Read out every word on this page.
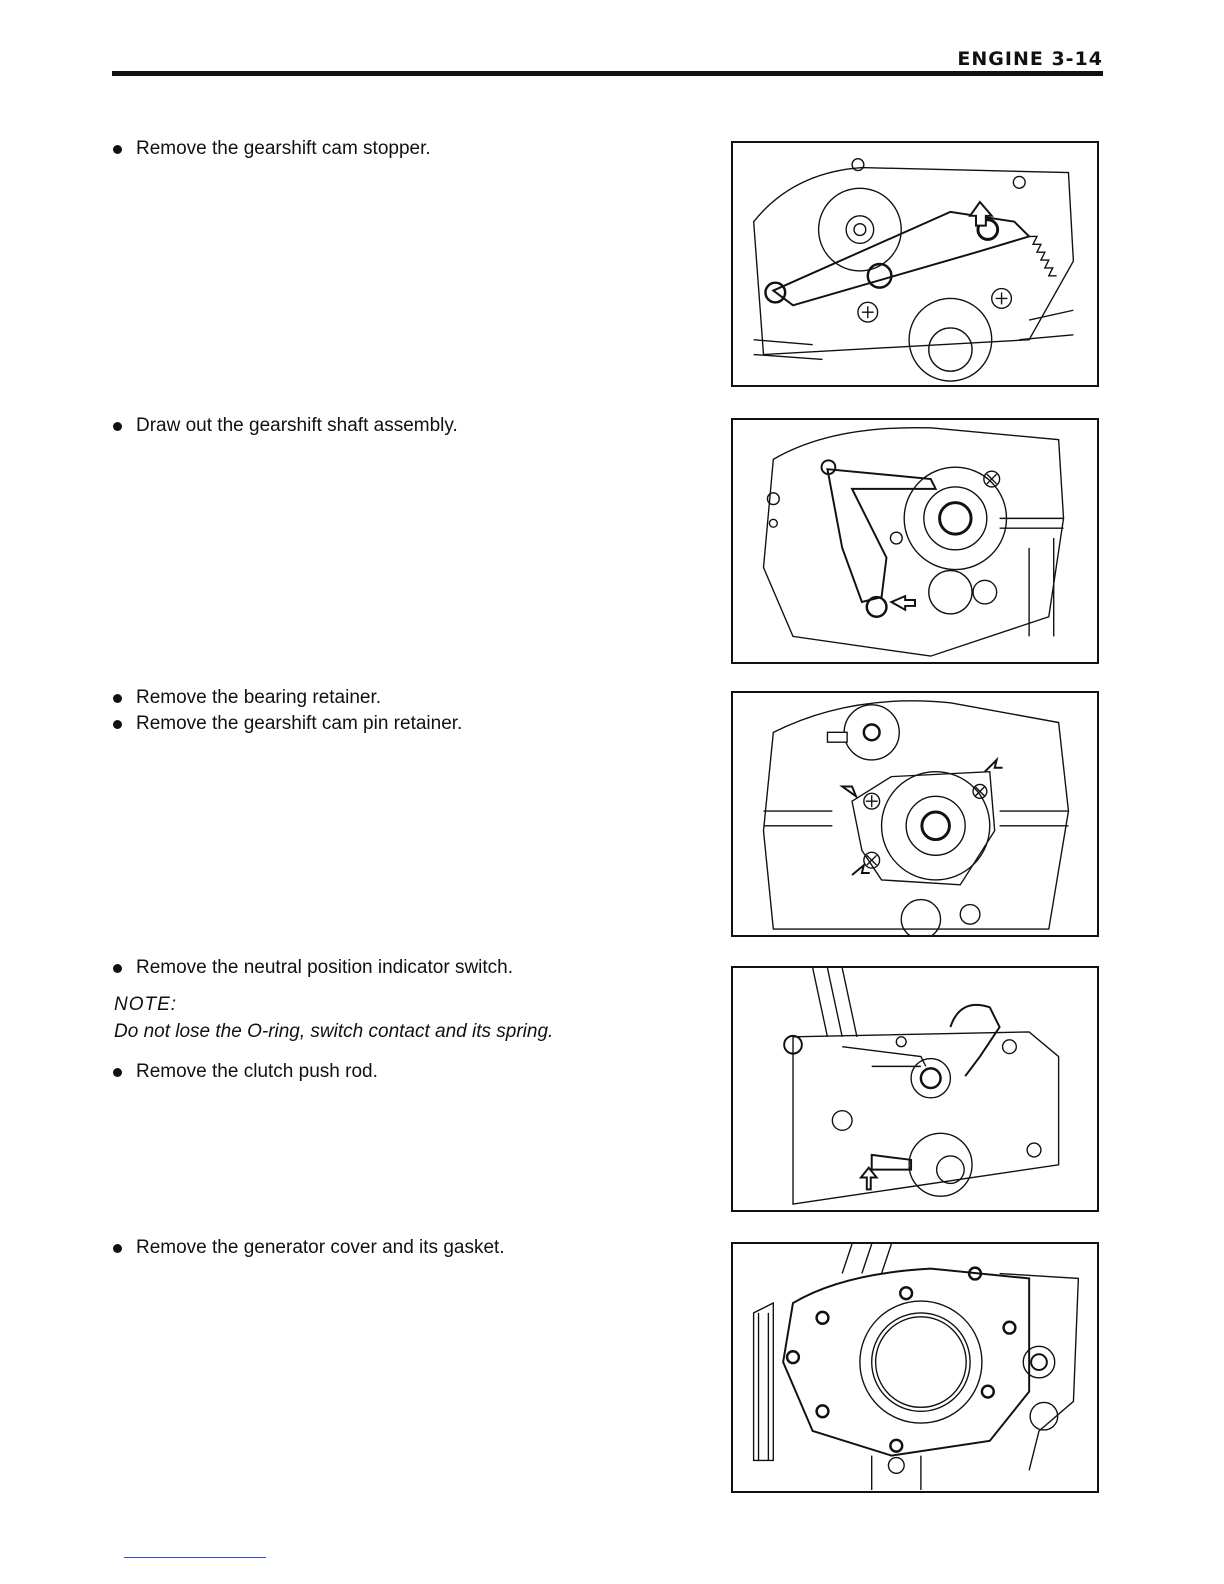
ENGINE 3-14

Remove the gearshift cam stopper.

Draw out the gearshift shaft assembly.

Remove the bearing retainer.

Remove the gearshift cam pin retainer.

Remove the neutral position indicator switch.

NOTE:

Do not lose the O-ring, switch contact and its spring.

Remove the clutch push rod.

Remove the generator cover and its gasket.
